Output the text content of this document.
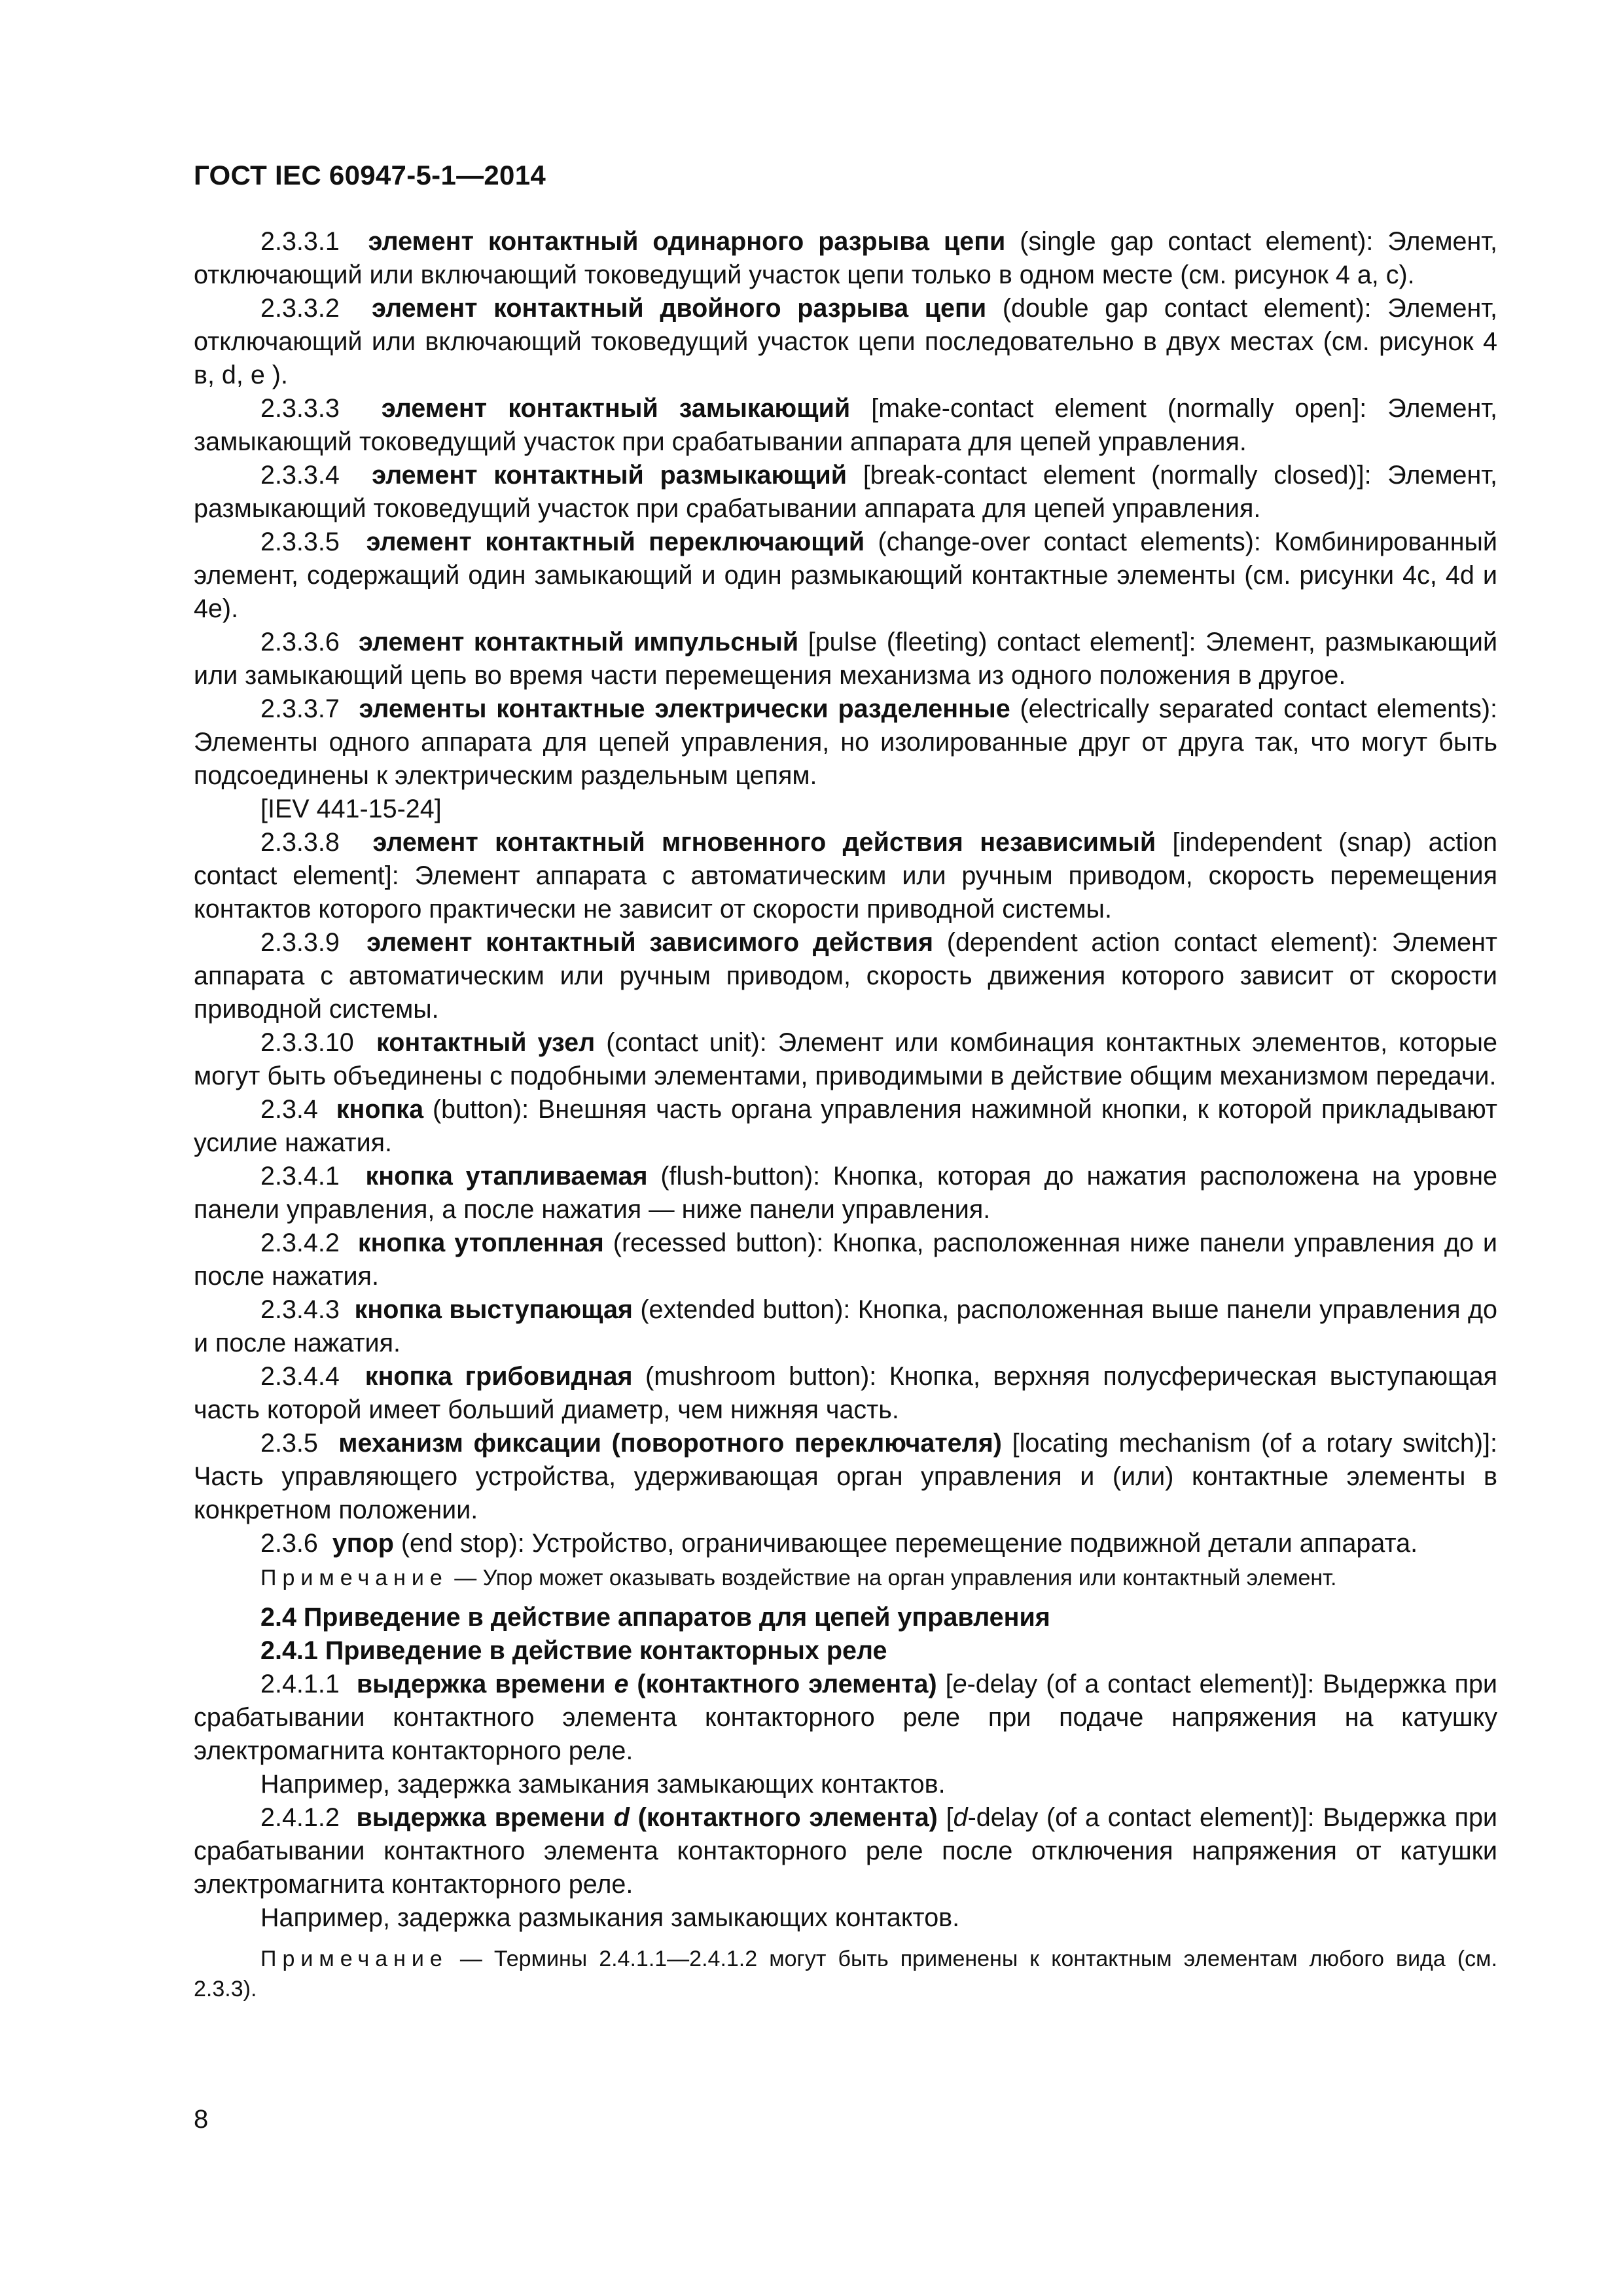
ГОСТ IEC 60947-5-1—2014

2.3.3.1 элемент контактный одинарного разрыва цепи (single gap contact element): Элемент, отключающий или включающий токоведущий участок цепи только в одном месте (см. рисунок 4 a, c).

2.3.3.2 элемент контактный двойного разрыва цепи (double gap contact element): Элемент, отключающий или включающий токоведущий участок цепи последовательно в двух местах (см. рисунок 4 в, d, e ).

2.3.3.3 элемент контактный замыкающий [make-contact element (normally open]: Элемент, замыкающий токоведущий участок при срабатывании аппарата для цепей управления.

2.3.3.4 элемент контактный размыкающий [break-contact element (normally closed)]: Элемент, размыкающий токоведущий участок при срабатывании аппарата для цепей управления.

2.3.3.5 элемент контактный переключающий (change-over contact elements): Комбинированный элемент, содержащий один замыкающий и один размыкающий контактные элементы (см. рисунки 4c, 4d и 4e).

2.3.3.6 элемент контактный импульсный [pulse (fleeting) contact element]: Элемент, размыкающий или замыкающий цепь во время части перемещения механизма из одного положения в другое.

2.3.3.7 элементы контактные электрически разделенные (electrically separated contact elements): Элементы одного аппарата для цепей управления, но изолированные друг от друга так, что могут быть подсоединены к электрическим раздельным цепям.

[IEV 441-15-24]

2.3.3.8 элемент контактный мгновенного действия независимый [independent (snap) action contact element]: Элемент аппарата с автоматическим или ручным приводом, скорость перемещения контактов которого практически не зависит от скорости приводной системы.

2.3.3.9 элемент контактный зависимого действия (dependent action contact element): Элемент аппарата с автоматическим или ручным приводом, скорость движения которого зависит от скорости приводной системы.

2.3.3.10 контактный узел (contact unit): Элемент или комбинация контактных элементов, которые могут быть объединены с подобными элементами, приводимыми в действие общим механизмом передачи.

2.3.4 кнопка (button): Внешняя часть органа управления нажимной кнопки, к которой прикладывают усилие нажатия.

2.3.4.1 кнопка утапливаемая (flush-button): Кнопка, которая до нажатия расположена на уровне панели управления, а после нажатия — ниже панели управления.

2.3.4.2 кнопка утопленная (recessed button): Кнопка, расположенная ниже панели управления до и после нажатия.

2.3.4.3 кнопка выступающая (extended button): Кнопка, расположенная выше панели управления до и после нажатия.

2.3.4.4 кнопка грибовидная (mushroom button): Кнопка, верхняя полусферическая выступающая часть которой имеет больший диаметр, чем нижняя часть.

2.3.5 механизм фиксации (поворотного переключателя) [locating mechanism (of a rotary switch)]: Часть управляющего устройства, удерживающая орган управления и (или) контактные элементы в конкретном положении.

2.3.6 упор (end stop): Устройство, ограничивающее перемещение подвижной детали аппарата.

Примечание — Упор может оказывать воздействие на орган управления или контактный элемент.

2.4 Приведение в действие аппаратов для цепей управления

2.4.1 Приведение в действие контакторных реле

2.4.1.1 выдержка времени e (контактного элемента) [e-delay (of a contact element)]: Выдержка при срабатывании контактного элемента контакторного реле при подаче напряжения на катушку электромагнита контакторного реле.

Например, задержка замыкания замыкающих контактов.

2.4.1.2 выдержка времени d (контактного элемента) [d-delay (of a contact element)]: Выдержка при срабатывании контактного элемента контакторного реле после отключения напряжения от катушки электромагнита контакторного реле.

Например, задержка размыкания замыкающих контактов.

Примечание — Термины 2.4.1.1—2.4.1.2 могут быть применены к контактным элементам любого вида (см. 2.3.3).
8
